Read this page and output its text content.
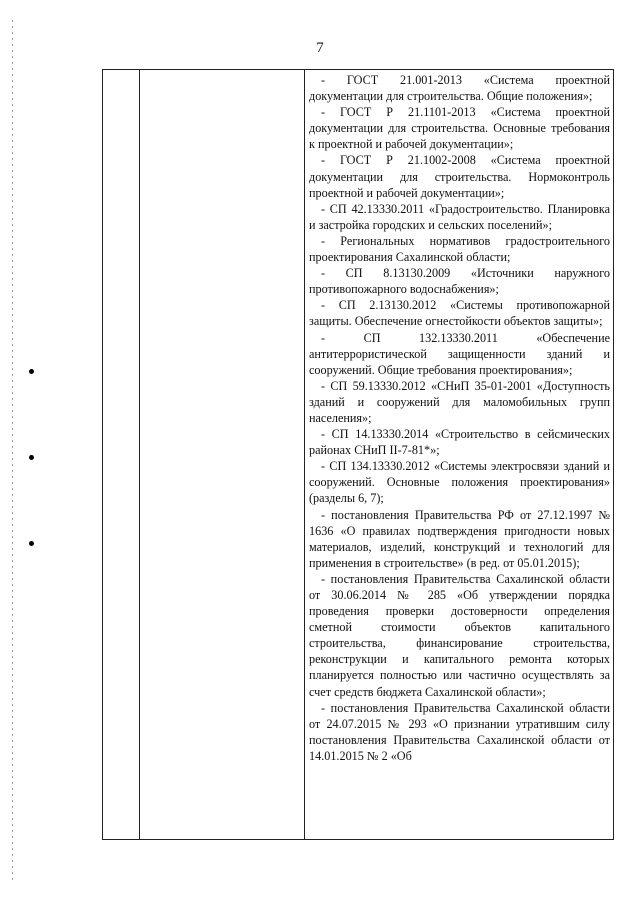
7

- ГОСТ 21.001-2013 «Система проектной документации для строительства. Общие положения»;

- ГОСТ Р 21.1101-2013 «Система проектной документации для строительства. Основные требования к проектной и рабочей документации»;

- ГОСТ Р 21.1002-2008 «Система проектной документации для строительства. Нормоконтроль проектной и рабочей документации»;

- СП 42.13330.2011 «Градостроительство. Планировка и застройка городских и сельских поселений»;

- Региональных нормативов градостроительного проектирования Сахалинской области;

- СП 8.13130.2009 «Источники наружного противопожарного водоснабжения»;

- СП 2.13130.2012 «Системы противопожарной защиты. Обеспечение огнестойкости объектов защиты»;

- СП 132.13330.2011 «Обеспечение антитеррористической защищенности зданий и сооружений. Общие требования проектирования»;

- СП 59.13330.2012 «СНиП 35-01-2001 «Доступность зданий и сооружений для маломобильных групп населения»;

- СП 14.13330.2014 «Строительство в сейсмических районах СНиП II-7-81*»;

- СП 134.13330.2012 «Системы электросвязи зданий и сооружений. Основные положения проектирования» (разделы 6, 7);

- постановления Правительства РФ от 27.12.1997 № 1636 «О правилах подтверждения пригодности новых материалов, изделий, конструкций и технологий для применения в строительстве» (в ред. от 05.01.2015);

- постановления Правительства Сахалинской области от 30.06.2014 № 285 «Об утверждении порядка проведения проверки достоверности определения сметной стоимости объектов капитального строительства, финансирование строительства, реконструкции и капитального ремонта которых планируется полностью или частично осуществлять за счет средств бюджета Сахалинской области»;

- постановления Правительства Сахалинской области от 24.07.2015 № 293 «О признании утратившим силу постановления Правительства Сахалинской области от 14.01.2015 № 2 «Об
